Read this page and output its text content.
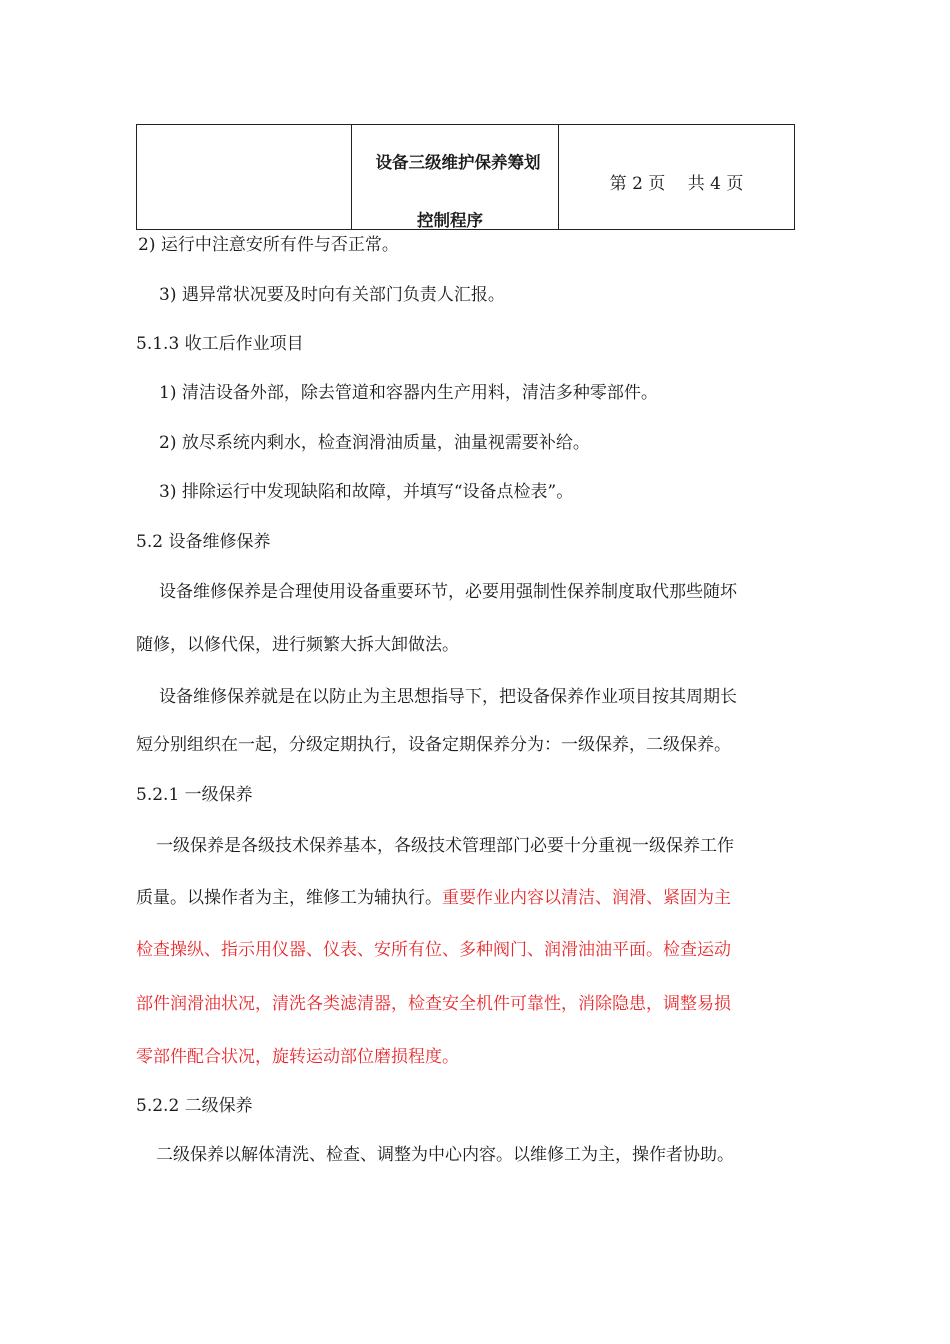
设备三级维护保养筹划
控制程序

第 2 页　 共 4 页
2) 运行中注意安所有件与否正常。
3) 遇异常状况要及时向有关部门负责人汇报。
5.1.3 收工后作业项目
1) 清洁设备外部，除去管道和容器内生产用料，清洁多种零部件。
2) 放尽系统内剩水，检查润滑油质量，油量视需要补给。
3) 排除运行中发现缺陷和故障，并填写“设备点检表”。
5.2 设备维修保养
设备维修保养是合理使用设备重要环节，必要用强制性保养制度取代那些随坏
随修，以修代保，进行频繁大拆大卸做法。
设备维修保养就是在以防止为主思想指导下，把设备保养作业项目按其周期长
短分别组织在一起，分级定期执行，设备定期保养分为：一级保养，二级保养。
5.2.1 一级保养
一级保养是各级技术保养基本，各级技术管理部门必要十分重视一级保养工作
质量。以操作者为主，维修工为辅执行。重要作业内容以清洁、润滑、紧固为主
检查操纵、指示用仪器、仪表、安所有位、多种阀门、润滑油油平面。检查运动
部件润滑油状况，清洗各类滤清器，检查安全机件可靠性，消除隐患，调整易损
零部件配合状况，旋转运动部位磨损程度。
5.2.2 二级保养
二级保养以解体清洗、检查、调整为中心内容。以维修工为主，操作者协助。
